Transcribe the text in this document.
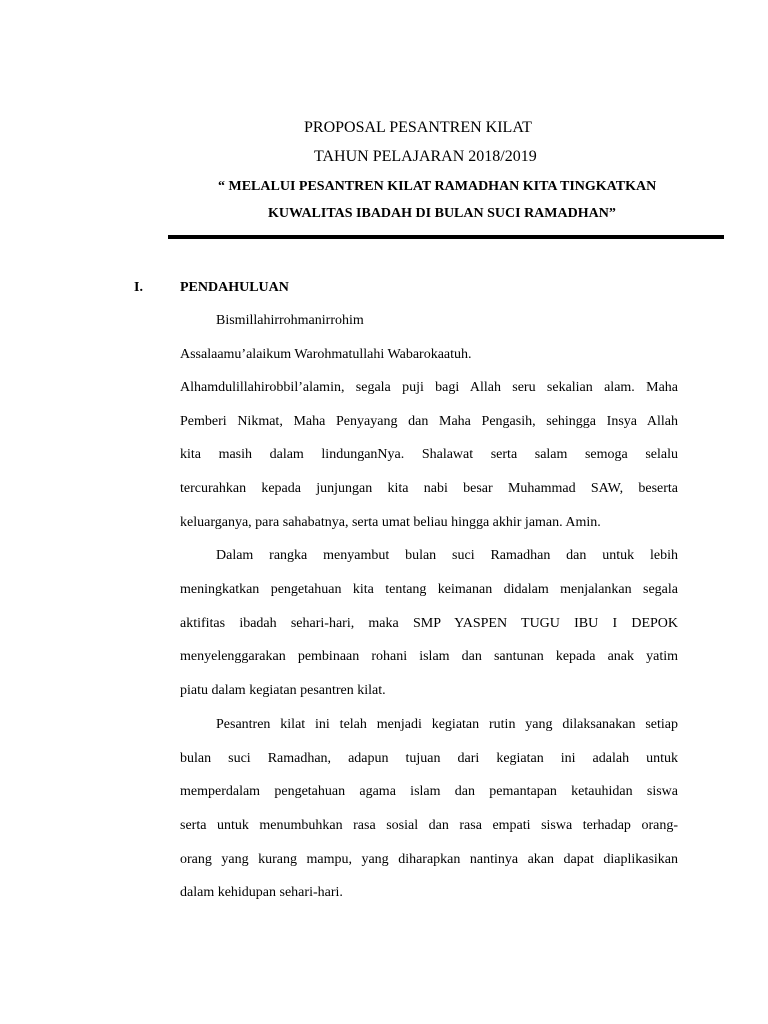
PROPOSAL PESANTREN KILAT
TAHUN PELAJARAN 2018/2019
“ MELALUI PESANTREN KILAT RAMADHAN KITA TINGKATKAN
KUWALITAS IBADAH DI BULAN SUCI RAMADHAN”
I.	PENDAHULUAN
Bismillahirrohmanirrohim
Assalaamu’alaikum Warohmatullahi Wabarokaatuh.
Alhamdulillahirobbil’alamin, segala puji bagi Allah seru sekalian alam. Maha
Pemberi Nikmat, Maha Penyayang dan Maha Pengasih, sehingga Insya Allah
kita masih dalam lindunganNya. Shalawat serta salam semoga selalu
tercurahkan kepada junjungan kita nabi besar Muhammad SAW, beserta
keluarganya, para sahabatnya, serta umat beliau hingga akhir jaman. Amin.
Dalam rangka menyambut bulan suci Ramadhan dan untuk lebih
meningkatkan pengetahuan kita tentang keimanan didalam menjalankan segala
aktifitas ibadah sehari-hari, maka SMP YASPEN TUGU IBU I DEPOK
menyelenggarakan pembinaan rohani islam dan santunan kepada anak yatim
piatu dalam kegiatan pesantren kilat.
Pesantren kilat ini telah menjadi kegiatan rutin yang dilaksanakan setiap
bulan suci Ramadhan, adapun tujuan dari kegiatan ini adalah untuk
memperdalam pengetahuan agama islam dan pemantapan ketauhidan siswa
serta untuk menumbuhkan rasa sosial dan rasa empati siswa terhadap orang-
orang yang kurang mampu, yang diharapkan nantinya akan dapat diaplikasikan
dalam kehidupan sehari-hari.
